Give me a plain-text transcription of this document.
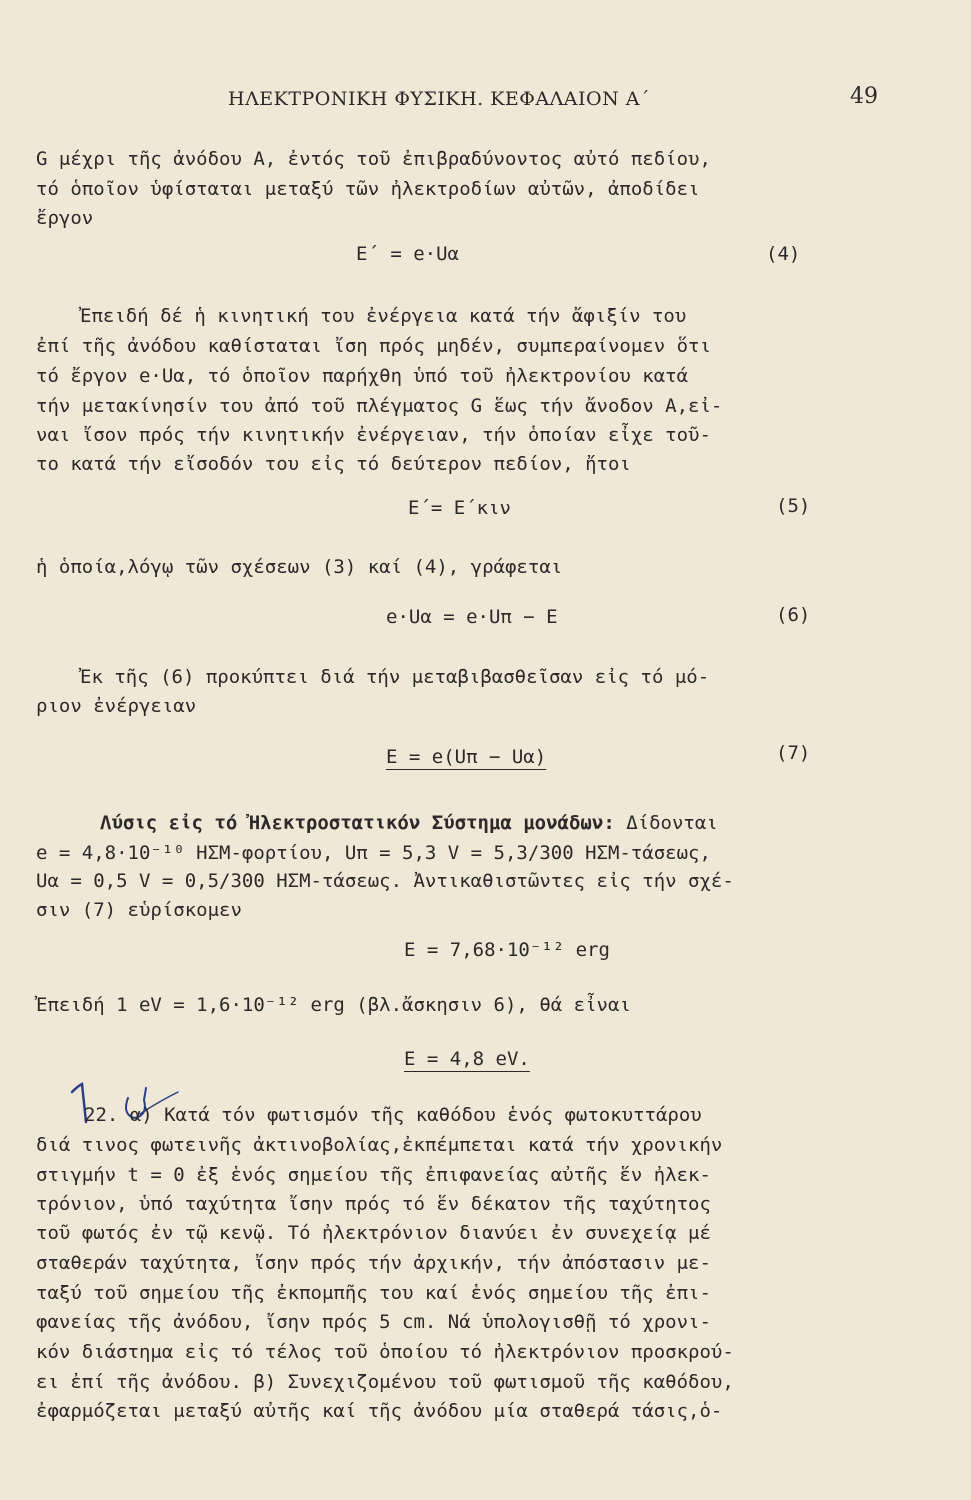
ΗΛΕΚΤΡΟΝΙΚΗ ΦΥΣΙΚΗ. ΚΕΦΑΛΑΙΟΝ Α΄	49
G μέχρι τῆς ἀνόδου Α, ἐντός τοῦ ἐπιβραδύνοντος αὐτό πεδίου,
τό ὁποῖον ὑφίσταται μεταξύ τῶν ἠλεκτροδίων αὐτῶν, ἀποδίδει
ἔργον
E΄ = e·Uα	(4)
Ἐπειδή δέ ἡ κινητική του ἐνέργεια κατά τήν ἄφιξίν του
ἐπί τῆς ἀνόδου καθίσταται ἴση πρός μηδέν, συμπεραίνομεν ὅτι
τό ἔργον e·Uα, τό ὁποῖον παρήχθη ὑπό τοῦ ἠλεκτρονίου κατά
τήν μετακίνησίν του ἀπό τοῦ πλέγματος G ἕως τήν ἄνοδον Α,εἰ-
ναι ἴσον πρός τήν κινητικήν ἐνέργειαν, τήν ὁποίαν εἶχε τοῦ-
το κατά τήν εἴσοδόν του εἰς τό δεύτερον πεδίον, ἤτοι
E΄= E΄κιν	(5)
ἡ ὁποία,λόγῳ τῶν σχέσεων (3) καί (4), γράφεται
e·Uα = e·Uπ − E	(6)
Ἐκ τῆς (6) προκύπτει διά τήν μεταβιβασθεῖσαν εἰς τό μό-
ριον ἐνέργειαν
E = e(Uπ − Uα)	(7)
Λύσις εἰς τό Ἠλεκτροστατικόν Σύστημα μονάδων: Δίδονται
e = 4,8·10⁻¹⁰ ΗΣΜ-φορτίου, Uπ = 5,3 V = 5,3/300 ΗΣΜ-τάσεως,
Uα = 0,5 V = 0,5/300 ΗΣΜ-τάσεως. Ἀντικαθιστῶντες εἰς τήν σχέ-
σιν (7) εὑρίσκομεν
E = 7,68·10⁻¹² erg
Ἐπειδή 1 eV = 1,6·10⁻¹² erg (βλ.ἄσκησιν 6), θά εἶναι
E = 4,8 eV.
22. α) Κατά τόν φωτισμόν τῆς καθόδου ἑνός φωτοκυττάρου
διά τινος φωτεινῆς ἀκτινοβολίας,ἐκπέμπεται κατά τήν χρονικήν
στιγμήν t = 0 ἐξ ἑνός σημείου τῆς ἐπιφανείας αὐτῆς ἕν ἠλεκ-
τρόνιον, ὑπό ταχύτητα ἴσην πρός τό ἕν δέκατον τῆς ταχύτητος
τοῦ φωτός ἐν τῷ κενῷ. Τό ἠλεκτρόνιον διανύει ἐν συνεχείᾳ μέ
σταθεράν ταχύτητα, ἴσην πρός τήν ἀρχικήν, τήν ἀπόστασιν με-
ταξύ τοῦ σημείου τῆς ἐκπομπῆς του καί ἑνός σημείου τῆς ἐπι-
φανείας τῆς ἀνόδου, ἴσην πρός 5 cm. Νά ὑπολογισθῇ τό χρονι-
κόν διάστημα εἰς τό τέλος τοῦ ὁποίου τό ἠλεκτρόνιον προσκρού-
ει ἐπί τῆς ἀνόδου. β) Συνεχιζομένου τοῦ φωτισμοῦ τῆς καθόδου,
ἐφαρμόζεται μεταξύ αὐτῆς καί τῆς ἀνόδου μία σταθερά τάσις,ὁ-
